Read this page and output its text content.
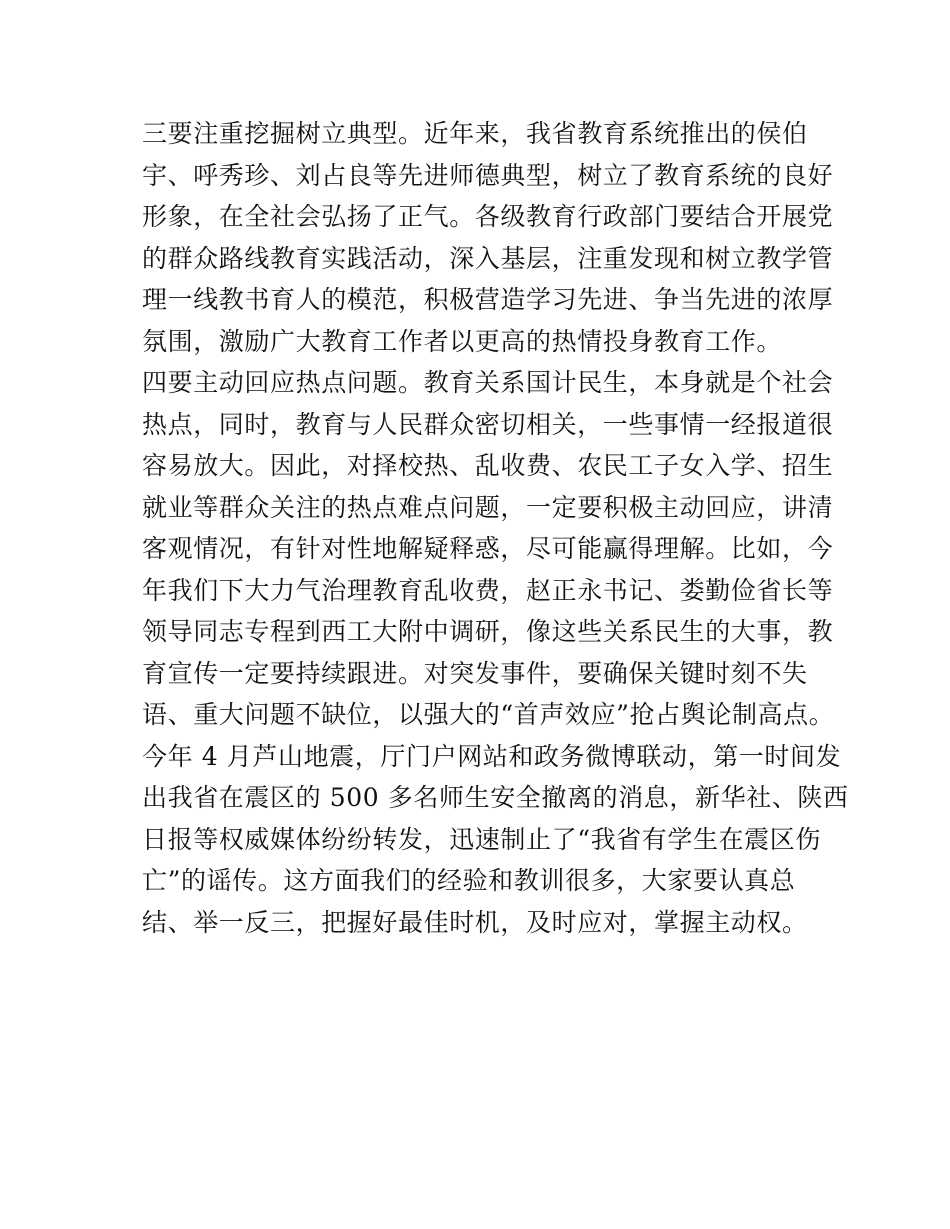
三要注重挖掘树立典型。近年来，我省教育系统推出的侯伯
宇、呼秀珍、刘占良等先进师德典型，树立了教育系统的良好
形象，在全社会弘扬了正气。各级教育行政部门要结合开展党
的群众路线教育实践活动，深入基层，注重发现和树立教学管
理一线教书育人的模范，积极营造学习先进、争当先进的浓厚
氛围，激励广大教育工作者以更高的热情投身教育工作。
四要主动回应热点问题。教育关系国计民生，本身就是个社会
热点，同时，教育与人民群众密切相关，一些事情一经报道很
容易放大。因此，对择校热、乱收费、农民工子女入学、招生
就业等群众关注的热点难点问题，一定要积极主动回应，讲清
客观情况，有针对性地解疑释惑，尽可能赢得理解。比如，今
年我们下大力气治理教育乱收费，赵正永书记、娄勤俭省长等
领导同志专程到西工大附中调研，像这些关系民生的大事，教
育宣传一定要持续跟进。对突发事件，要确保关键时刻不失
语、重大问题不缺位，以强大的“首声效应”抢占舆论制高点。
今年 4 月芦山地震，厅门户网站和政务微博联动，第一时间发
出我省在震区的 500 多名师生安全撤离的消息，新华社、陕西
日报等权威媒体纷纷转发，迅速制止了“我省有学生在震区伤
亡”的谣传。这方面我们的经验和教训很多，大家要认真总
结、举一反三，把握好最佳时机，及时应对，掌握主动权。
